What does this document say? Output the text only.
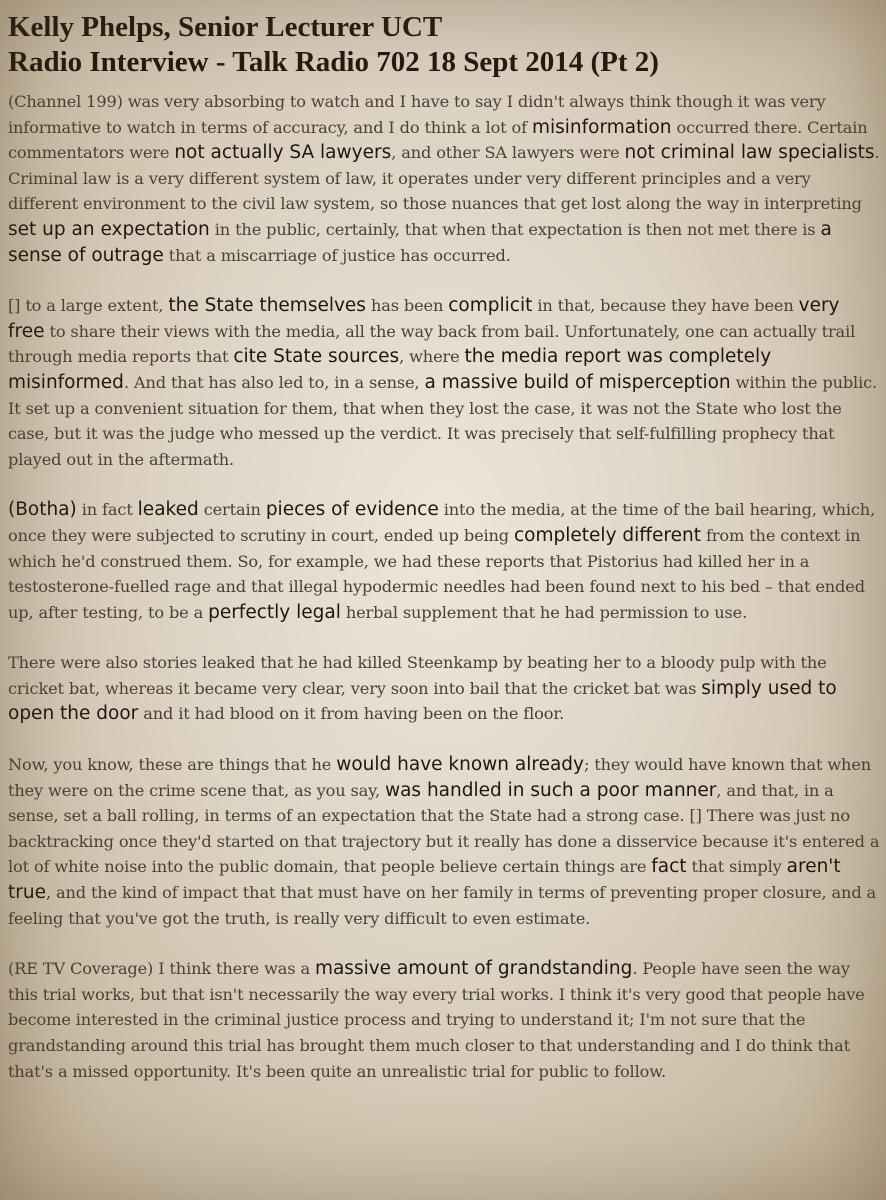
Kelly Phelps, Senior Lecturer UCT
Radio Interview - Talk Radio 702 18 Sept 2014 (Pt 2)

(Channel 199) was very absorbing to watch and I have to say I didn't always think though it was very informative to watch in terms of accuracy, and I do think a lot of misinformation occurred there. Certain commentators were not actually SA lawyers, and other SA lawyers were not criminal law specialists. Criminal law is a very different system of law, it operates under very different principles and a very different environment to the civil law system, so those nuances that get lost along the way in interpreting set up an expectation in the public, certainly, that when that expectation is then not met there is a sense of outrage that a miscarriage of justice has occurred.

[] to a large extent, the State themselves has been complicit in that, because they have been very free to share their views with the media, all the way back from bail. Unfortunately, one can actually trail through media reports that cite State sources, where the media report was completely misinformed. And that has also led to, in a sense, a massive build of misperception within the public. It set up a convenient situation for them, that when they lost the case, it was not the State who lost the case, but it was the judge who messed up the verdict. It was precisely that self-fulfilling prophecy that played out in the aftermath.

(Botha) in fact leaked certain pieces of evidence into the media, at the time of the bail hearing, which, once they were subjected to scrutiny in court, ended up being completely different from the context in which he'd construed them. So, for example, we had these reports that Pistorius had killed her in a testosterone-fuelled rage and that illegal hypodermic needles had been found next to his bed – that ended up, after testing, to be a perfectly legal herbal supplement that he had permission to use.

There were also stories leaked that he had killed Steenkamp by beating her to a bloody pulp with the cricket bat, whereas it became very clear, very soon into bail that the cricket bat was simply used to open the door and it had blood on it from having been on the floor.

Now, you know, these are things that he would have known already; they would have known that when they were on the crime scene that, as you say, was handled in such a poor manner, and that, in a sense, set a ball rolling, in terms of an expectation that the State had a strong case. [] There was just no backtracking once they'd started on that trajectory but it really has done a disservice because it's entered a lot of white noise into the public domain, that people believe certain things are fact that simply aren't true, and the kind of impact that that must have on her family in terms of preventing proper closure, and a feeling that you've got the truth, is really very difficult to even estimate.

(RE TV Coverage) I think there was a massive amount of grandstanding. People have seen the way this trial works, but that isn't necessarily the way every trial works. I think it's very good that people have become interested in the criminal justice process and trying to understand it; I'm not sure that the grandstanding around this trial has brought them much closer to that understanding and I do think that that's a missed opportunity. It's been quite an unrealistic trial for public to follow.
